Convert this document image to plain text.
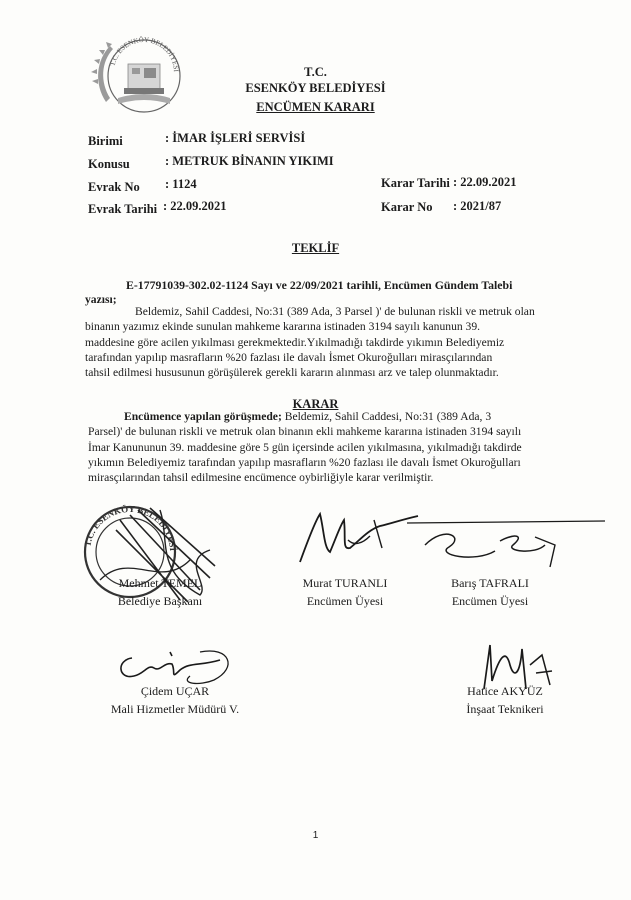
T.C. ESENKÖY BELEDİYESİ	T.C.
ESENKÖY BELEDİYESİ
ENCÜMEN KARARI
Birimi	: İMAR İŞLERİ SERVİSİ
Konusu	: METRUK BİNANIN YIKIMI
Evrak No : 1124
Evrak Tarihi : 22.09.2021
Karar Tarihi : 22.09.2021
Karar No : 2021/87
TEKLİF
E-17791039-302.02-1124 Sayı ve 22/09/2021 tarihli, Encümen Gündem Talebi
yazısı;
Beldemiz, Sahil Caddesi, No:31 (389 Ada, 3 Parsel )' de bulunan riskli ve metruk olan
binanın yazımız ekinde sunulan mahkeme kararına istinaden 3194 sayılı kanunun 39.
maddesine göre acilen yıkılması gerekmektedir.Yıkılmadığı takdirde yıkımın Belediyemiz
tarafından yapılıp masrafların %20 fazlası ile davalı İsmet Okuroğulları mirasçılarından
tahsil edilmesi hususunun görüşülerek gerekli kararın alınması arz ve talep olunmaktadır.
KARAR
Encümence yapılan görüşmede; Beldemiz, Sahil Caddesi, No:31 (389 Ada, 3
Parsel)' de bulunan riskli ve metruk olan binanın ekli mahkeme kararına istinaden 3194 sayılı
İmar Kanununun 39. maddesine göre 5 gün içersinde acilen yıkılmasına, yıkılmadığı takdirde
yıkımın Belediyemiz tarafından yapılıp masrafların %20 fazlası ile davalı İsmet Okuroğulları
mirasçılarından tahsil edilmesine encümence oybirliğiyle karar verilmiştir.
T.C. ESENKÖY BELEDİYESİ
Mehmet TEMEL
Belediye Başkanı
Murat TURANLI
Encümen Üyesi
Barış TAFRALI
Encümen Üyesi
Çidem UÇAR
Mali Hizmetler Müdürü V.
Hatice AKYÜZ
İnşaat Teknikeri
1
